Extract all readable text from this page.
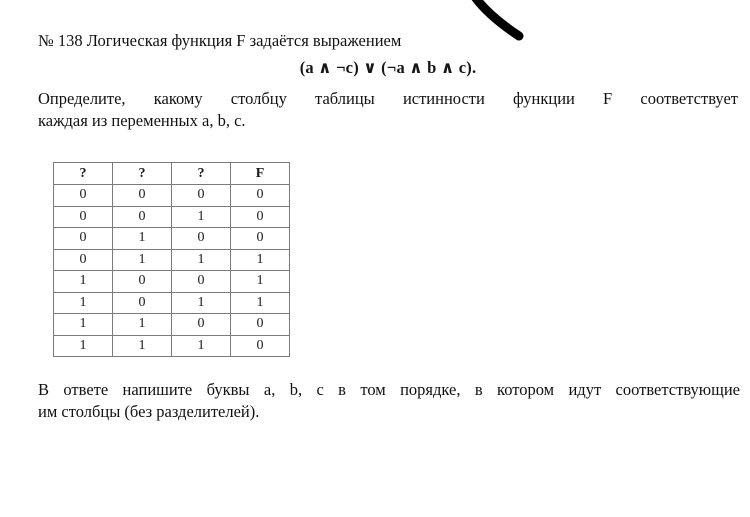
№ 138 Логическая функция F задаётся выражением
(a ∧ ¬c) ∨ (¬a ∧ b ∧ c).
Определите, какому столбцу таблицы истинности функции F соответствует
каждая из переменных a, b, c.
?	?	?	F
0	0	0	0
0	0	1	0
0	1	0	0
0	1	1	1
1	0	0	1
1	0	1	1
1	1	0	0
1	1	1	0
В ответе напишите буквы a, b, c в том порядке, в котором идут соответствующие
им столбцы (без разделителей).
